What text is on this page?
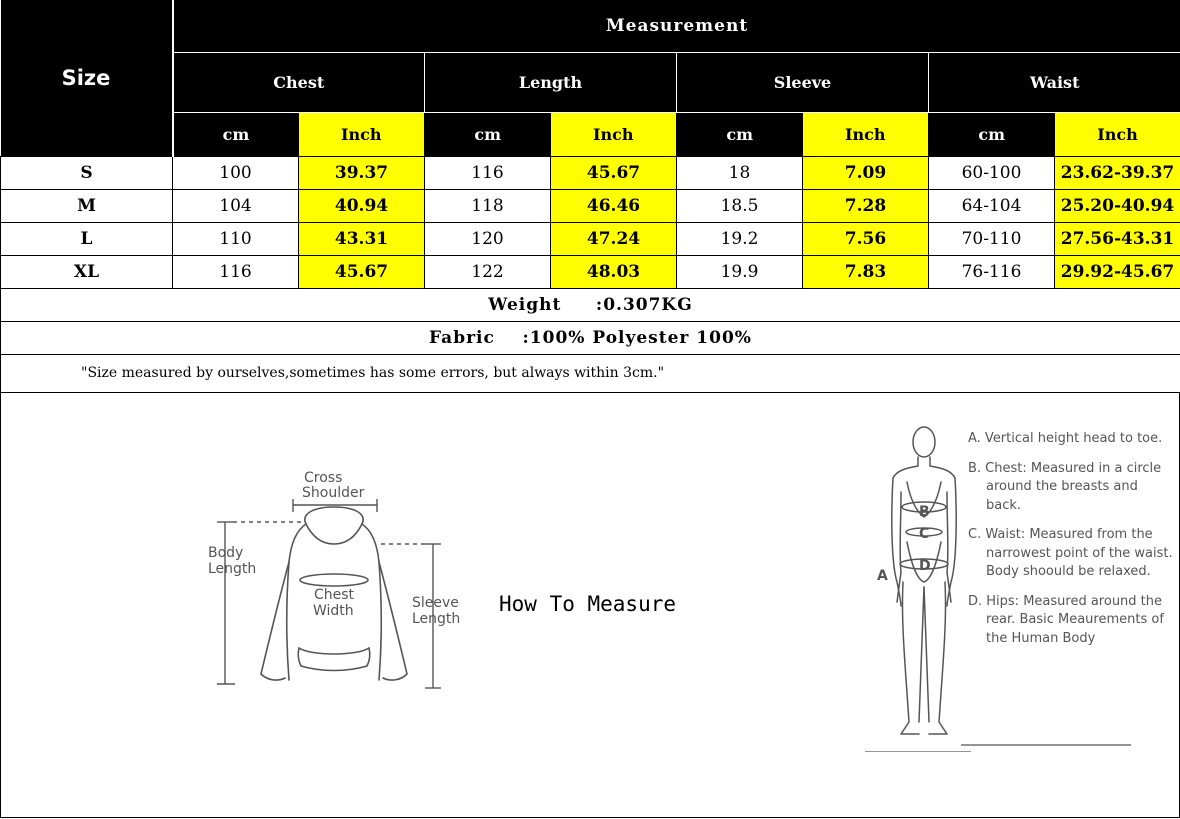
Size	Measurement							
	Chest		Length		Sleeve		Waist	
	cm	Inch	cm	Inch	cm	Inch	cm	Inch
S	100	39.37	116	45.67	18	7.09	60-100	23.62-39.37
M	104	40.94	118	46.46	18.5	7.28	64-104	25.20-40.94
L	110	43.31	120	47.24	19.2	7.56	70-110	27.56-43.31
XL	116	45.67	122	48.03	19.9	7.83	76-116	29.92-45.67
Weight     :0.307KG								
Fabric    :100% Polyester 100%								
"Size measured by ourselves,sometimes has some errors, but always within 3cm."								
Cross
Shoulder
Body
Length
Chest
Width	Sleeve
Length
How To Measure
A
B
C
D

A. Vertical height head to toe.

B. Chest: Measured in a circle around the breasts and back.

C. Waist: Measured from the narrowest point of the waist. Body shoould be relaxed.

D. Hips: Measured around the rear. Basic Meaurements of the Human Body
